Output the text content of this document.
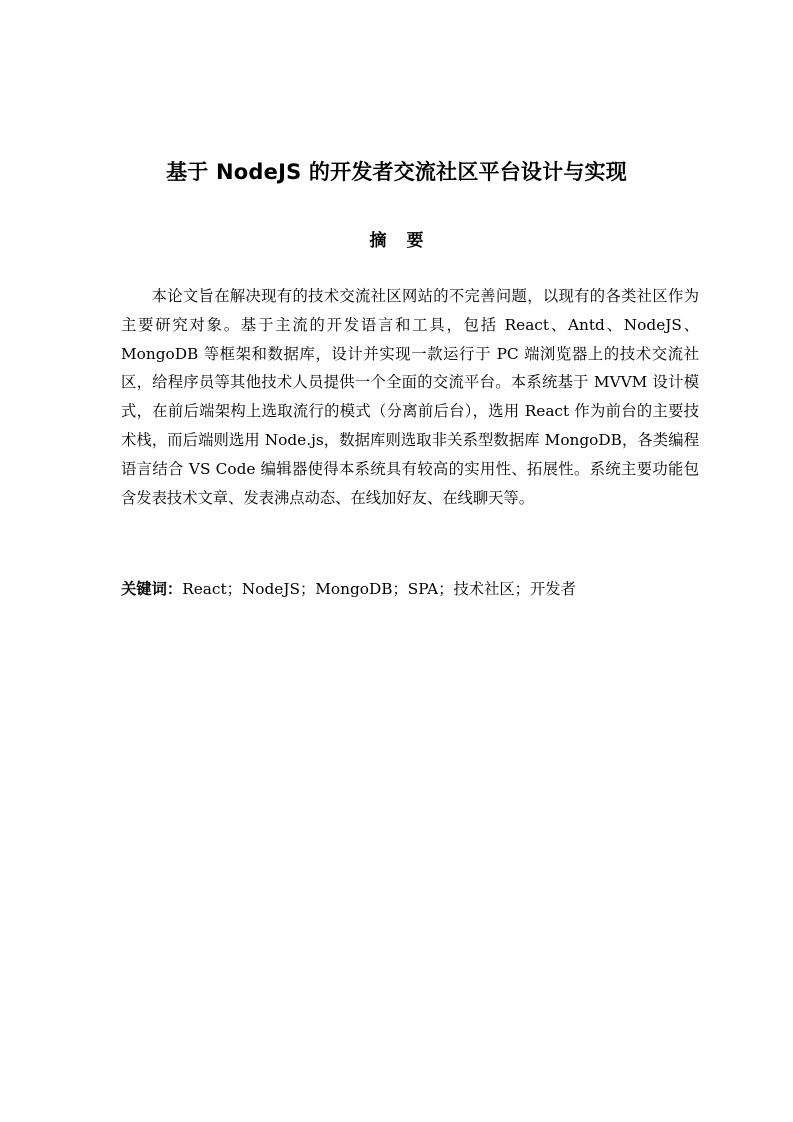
基于 NodeJS 的开发者交流社区平台设计与实现
摘要

本论文旨在解决现有的技术交流社区网站的不完善问题，以现有的各类社区作为主要研究对象。基于主流的开发语言和工具，包括 React、Antd、NodeJS、MongoDB 等框架和数据库，设计并实现一款运行于 PC 端浏览器上的技术交流社区，给程序员等其他技术人员提供一个全面的交流平台。本系统基于 MVVM 设计模式，在前后端架构上选取流行的模式（分离前后台），选用 React 作为前台的主要技术栈，而后端则选用 Node.js，数据库则选取非关系型数据库 MongoDB，各类编程语言结合 VS Code 编辑器使得本系统具有较高的实用性、拓展性。系统主要功能包含发表技术文章、发表沸点动态、在线加好友、在线聊天等。

关键词：React；NodeJS；MongoDB；SPA；技术社区；开发者
